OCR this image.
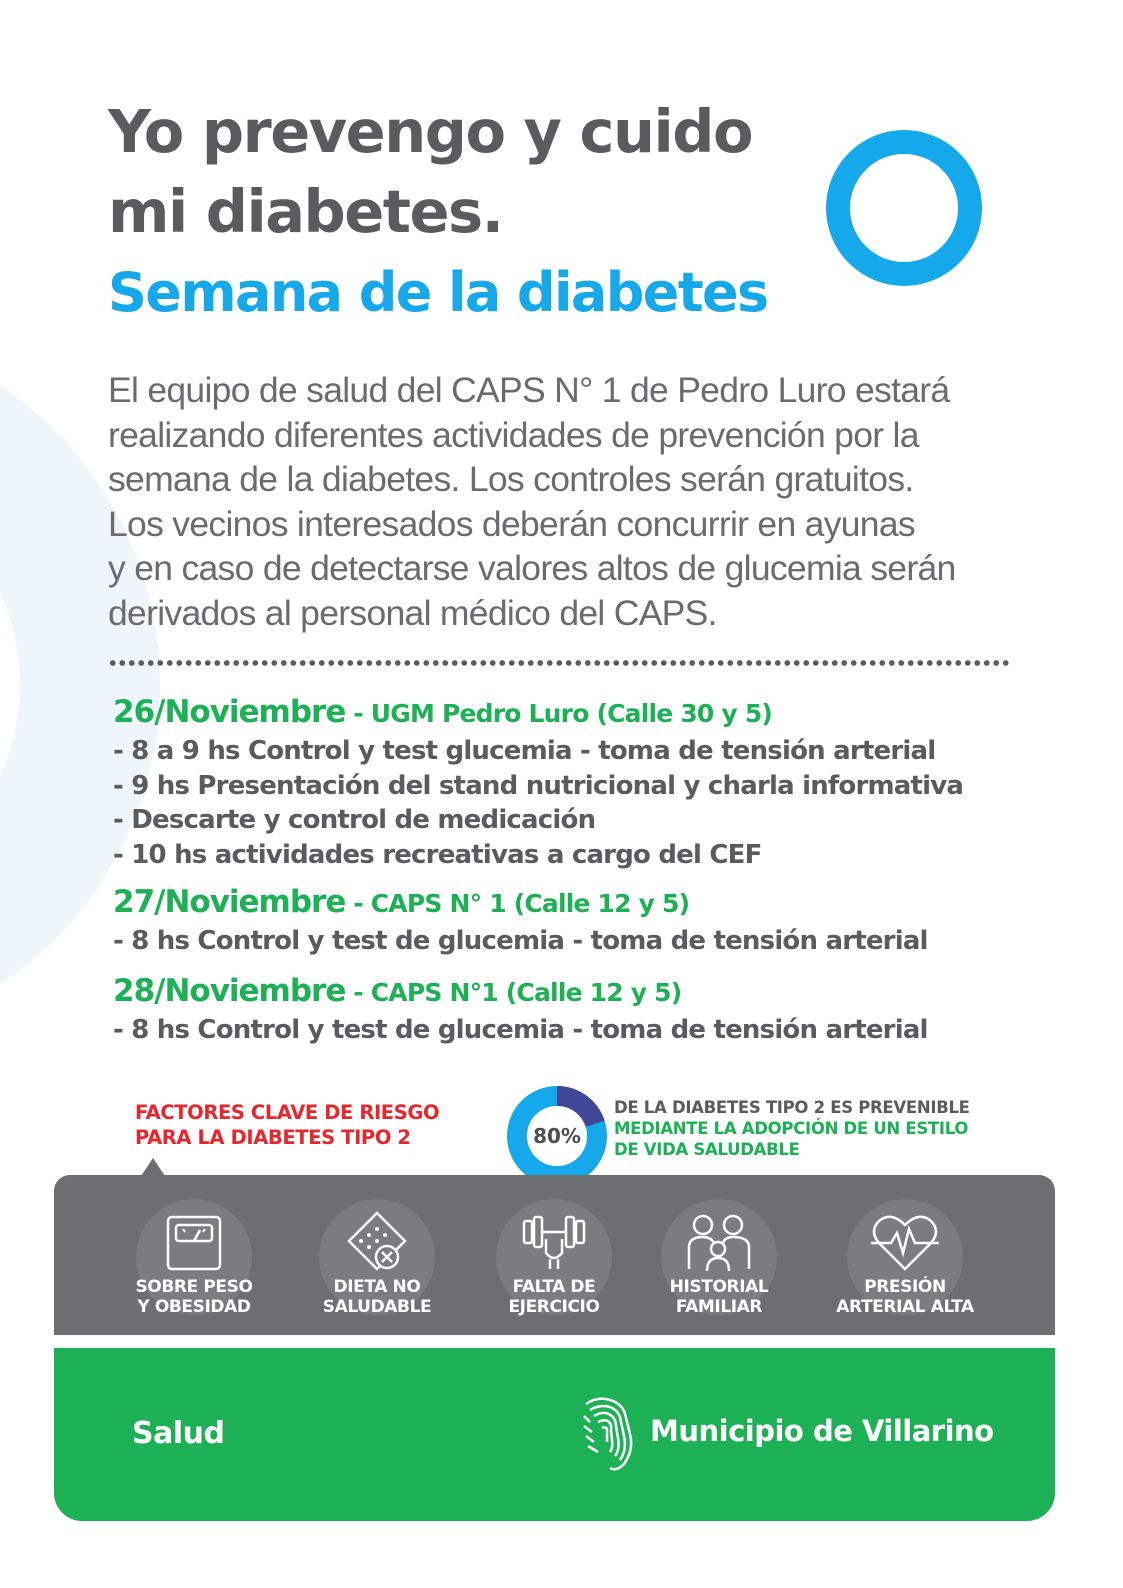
Yo prevengo y cuido
mi diabetes.
Semana de la diabetes
El equipo de salud del CAPS N° 1 de Pedro Luro estará
realizando diferentes actividades de prevención por la
semana de la diabetes. Los controles serán gratuitos.
Los vecinos interesados deberán concurrir en ayunas
y en caso de detectarse valores altos de glucemia serán
derivados al personal médico del CAPS.
26/Noviembre - UGM Pedro Luro (Calle 30 y 5)
- 8 a 9 hs Control y test glucemia - toma de tensión arterial
- 9 hs Presentación del stand nutricional y charla informativa
- Descarte y control de medicación
- 10 hs actividades recreativas a cargo del CEF
27/Noviembre - CAPS N° 1 (Calle 12 y 5)
- 8 hs Control y test de glucemia - toma de tensión arterial
28/Noviembre - CAPS N°1 (Calle 12 y 5)
- 8 hs Control y test de glucemia - toma de tensión arterial
FACTORES CLAVE DE RIESGO
PARA LA DIABETES TIPO 2	80%
DE LA DIABETES TIPO 2 ES PREVENIBLE
MEDIANTE LA ADOPCIÓN DE UN ESTILO
DE VIDA SALUDABLE
SOBRE PESO
Y OBESIDAD
DIETA NO
SALUDABLE
FALTA DE
EJERCICIO
HISTORIAL
FAMILIAR
PRESIÓN
ARTERIAL ALTA
Salud	Municipio de Villarino
